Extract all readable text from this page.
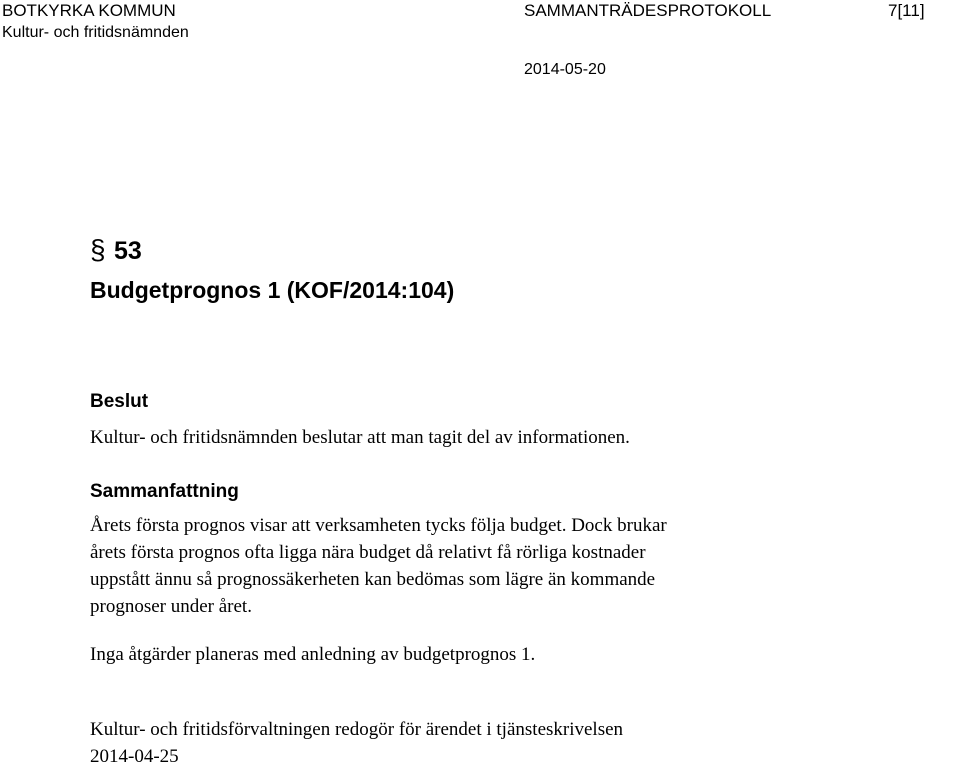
BOTKYRKA KOMMUN
Kultur- och fritidsnämnden
SAMMANTRÄDESPROTOKOLL	7[11]
2014-05-20
§ 53
Budgetprognos 1 (KOF/2014:104)
Beslut
Kultur- och fritidsnämnden beslutar att man tagit del av informationen.
Sammanfattning
Årets första prognos visar att verksamheten tycks följa budget. Dock brukar
årets första prognos ofta ligga nära budget då relativt få rörliga kostnader
uppstått ännu så prognossäkerheten kan bedömas som lägre än kommande
prognoser under året.
Inga åtgärder planeras med anledning av budgetprognos 1.
Kultur- och fritidsförvaltningen redogör för ärendet i tjänsteskrivelsen
2014-04-25
